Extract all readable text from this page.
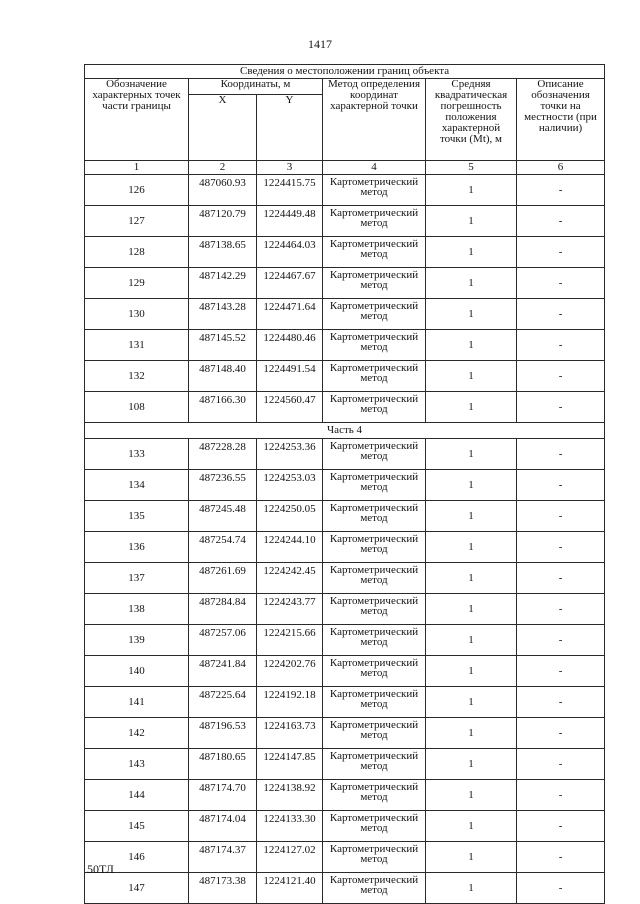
1417
Сведения о местоположении границ объекта					
Обозначение характерных точек части границы	Координаты, м		Метод определения координат характерной точки	Средняя квадратическая погрешность положения характерной точки (Mt), м	Описание обозначения точки на местности (при наличии)
	X	Y			
1	2	3	4	5	6
126	487060.93	1224415.75	Картометрический метод	1	-
127	487120.79	1224449.48	Картометрический метод	1	-
128	487138.65	1224464.03	Картометрический метод	1	-
129	487142.29	1224467.67	Картометрический метод	1	-
130	487143.28	1224471.64	Картометрический метод	1	-
131	487145.52	1224480.46	Картометрический метод	1	-
132	487148.40	1224491.54	Картометрический метод	1	-
108	487166.30	1224560.47	Картометрический метод	1	-
Часть 4					
133	487228.28	1224253.36	Картометрический метод	1	-
134	487236.55	1224253.03	Картометрический метод	1	-
135	487245.48	1224250.05	Картометрический метод	1	-
136	487254.74	1224244.10	Картометрический метод	1	-
137	487261.69	1224242.45	Картометрический метод	1	-
138	487284.84	1224243.77	Картометрический метод	1	-
139	487257.06	1224215.66	Картометрический метод	1	-
140	487241.84	1224202.76	Картометрический метод	1	-
141	487225.64	1224192.18	Картометрический метод	1	-
142	487196.53	1224163.73	Картометрический метод	1	-
143	487180.65	1224147.85	Картометрический метод	1	-
144	487174.70	1224138.92	Картометрический метод	1	-
145	487174.04	1224133.30	Картометрический метод	1	-
146	487174.37	1224127.02	Картометрический метод	1	-
147	487173.38	1224121.40	Картометрический метод	1	-
50ТЛ
